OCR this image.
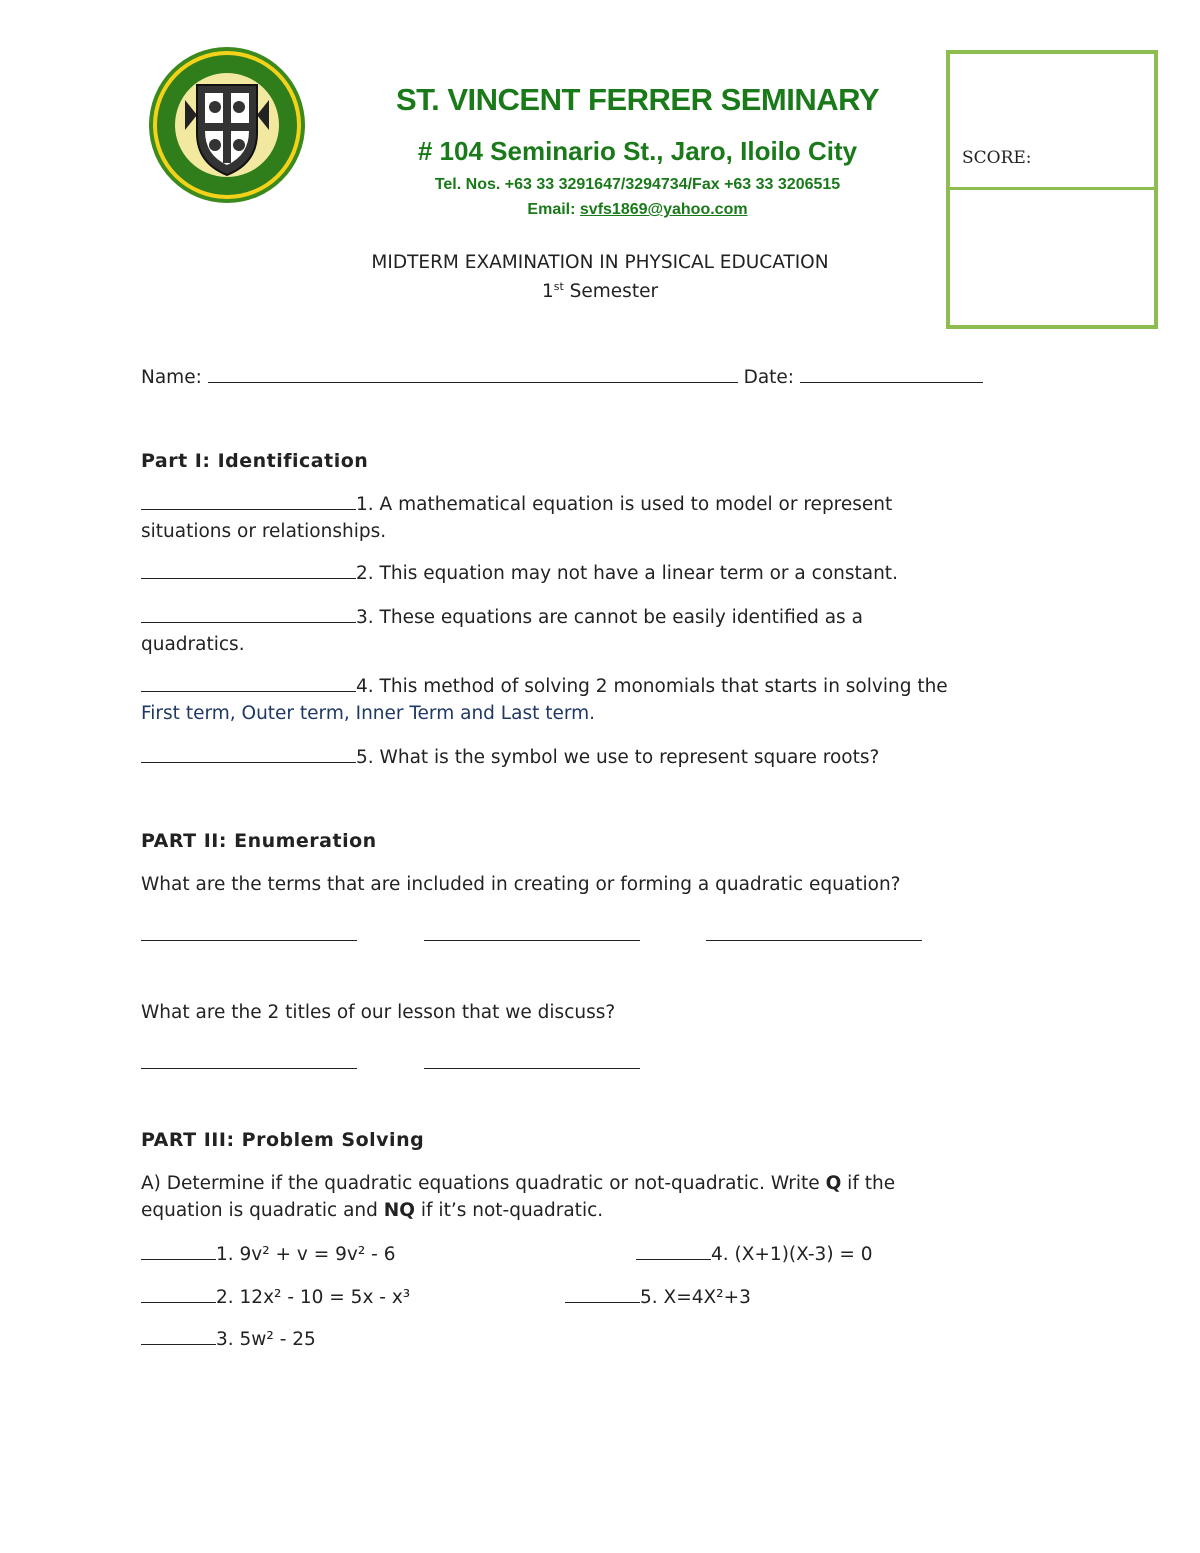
ST. VINCENT FERRER SEMINARY
# 104 Seminario St., Jaro, Iloilo City
Tel. Nos. +63 33 3291647/3294734/Fax +63 33 3206515
Email: svfs1869@yahoo.com
SCORE:
MIDTERM EXAMINATION IN PHYSICAL EDUCATION
1st Semester
Name:	Date:
Part I: Identification
1. A mathematical equation is used to model or represent
situations or relationships.
2. This equation may not have a linear term or a constant.
3. These equations are cannot be easily identified as a
quadratics.
4. This method of solving 2 monomials that starts in solving the
First term, Outer term, Inner Term and Last term.
5. What is the symbol we use to represent square roots?
PART II: Enumeration
What are the terms that are included in creating or forming a quadratic equation?
What are the 2 titles of our lesson that we discuss?
PART III: Problem Solving
A) Determine if the quadratic equations quadratic or not-quadratic. Write Q if the
equation is quadratic and NQ if it’s not-quadratic.
1. 9v² + v = 9v² - 6
2. 12x² - 10 = 5x - x³
3. 5w² - 25
4. (X+1)(X-3) = 0
5. X=4X²+3
